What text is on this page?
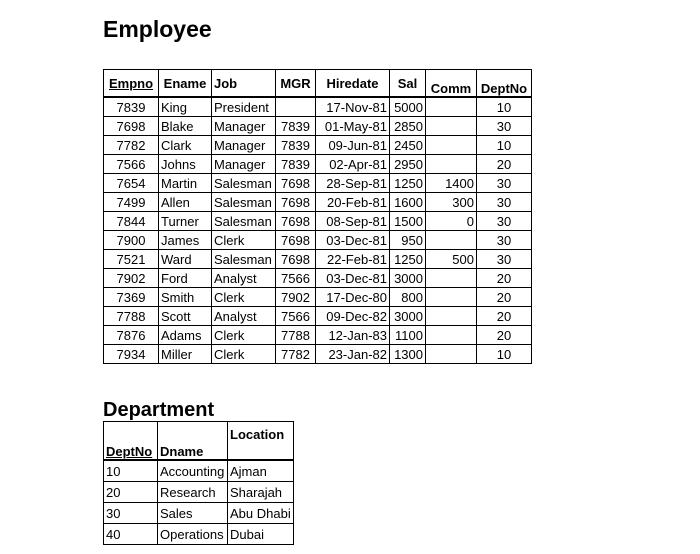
Employee
Empno	Ename	Job	MGR	Hiredate	Sal	Comm	DeptNo
7839	King	President		17-Nov-81	5000		10
7698	Blake	Manager	7839	01-May-81	2850		30
7782	Clark	Manager	7839	09-Jun-81	2450		10
7566	Johns	Manager	7839	02-Apr-81	2950		20
7654	Martin	Salesman	7698	28-Sep-81	1250	1400	30
7499	Allen	Salesman	7698	20-Feb-81	1600	300	30
7844	Turner	Salesman	7698	08-Sep-81	1500	0	30
7900	James	Clerk	7698	03-Dec-81	950		30
7521	Ward	Salesman	7698	22-Feb-81	1250	500	30
7902	Ford	Analyst	7566	03-Dec-81	3000		20
7369	Smith	Clerk	7902	17-Dec-80	800		20
7788	Scott	Analyst	7566	09-Dec-82	3000		20
7876	Adams	Clerk	7788	12-Jan-83	1100		20
7934	Miller	Clerk	7782	23-Jan-82	1300		10
Department
DeptNo	Dname	Location
10	Accounting	Ajman
20	Research	Sharajah
30	Sales	Abu Dhabi
40	Operations	Dubai
